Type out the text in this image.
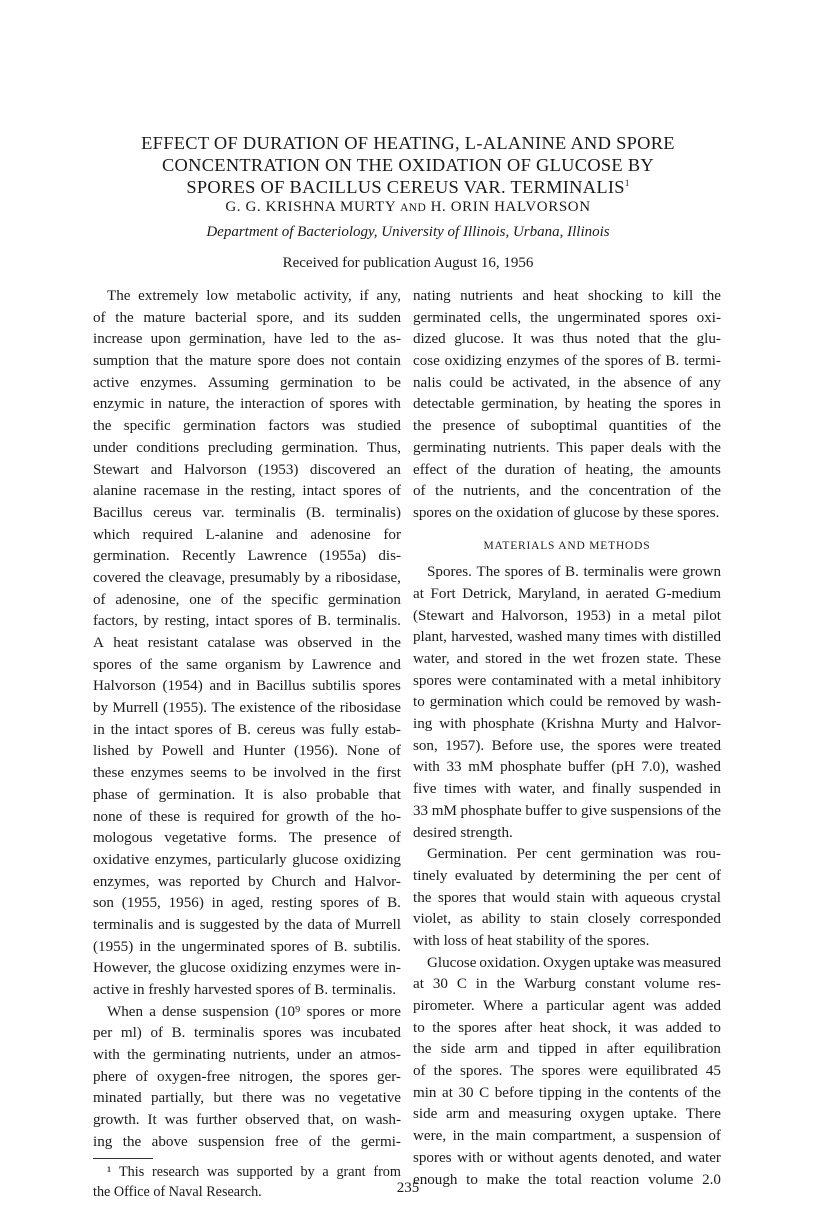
EFFECT OF DURATION OF HEATING, L-ALANINE AND SPORE
CONCENTRATION ON THE OXIDATION OF GLUCOSE BY
SPORES OF BACILLUS CEREUS VAR. TERMINALIS$^1$
G. G. KRISHNA MURTY AND H. ORIN HALVORSON
Department of Bacteriology, University of Illinois, Urbana, Illinois
Received for publication August 16, 1956
The extremely low metabolic activity, if any,
of the mature bacterial spore, and its sudden
increase upon germination, have led to the as-
sumption that the mature spore does not contain
active enzymes. Assuming germination to be
enzymic in nature, the interaction of spores with
the specific germination factors was studied
under conditions precluding germination. Thus,
Stewart and Halvorson (1953) discovered an
alanine racemase in the resting, intact spores of
Bacillus cereus var. terminalis (B. terminalis)
which required L-alanine and adenosine for
germination. Recently Lawrence (1955a) dis-
covered the cleavage, presumably by a ribosidase,
of adenosine, one of the specific germination
factors, by resting, intact spores of B. terminalis.
A heat resistant catalase was observed in the
spores of the same organism by Lawrence and
Halvorson (1954) and in Bacillus subtilis spores
by Murrell (1955). The existence of the ribosidase
in the intact spores of B. cereus was fully estab-
lished by Powell and Hunter (1956). None of
these enzymes seems to be involved in the first
phase of germination. It is also probable that
none of these is required for growth of the ho-
mologous vegetative forms. The presence of
oxidative enzymes, particularly glucose oxidizing
enzymes, was reported by Church and Halvor-
son (1955, 1956) in aged, resting spores of B.
terminalis and is suggested by the data of Murrell
(1955) in the ungerminated spores of B. subtilis.
However, the glucose oxidizing enzymes were in-
active in freshly harvested spores of B. terminalis.
When a dense suspension (10⁹ spores or more
per ml) of B. terminalis spores was incubated
with the germinating nutrients, under an atmos-
phere of oxygen-free nitrogen, the spores ger-
minated partially, but there was no vegetative
growth. It was further observed that, on wash-
ing the above suspension free of the germi-
¹ This research was supported by a grant from
the Office of Naval Research.
nating nutrients and heat shocking to kill the
germinated cells, the ungerminated spores oxi-
dized glucose. It was thus noted that the glu-
cose oxidizing enzymes of the spores of B. termi-
nalis could be activated, in the absence of any
detectable germination, by heating the spores in
the presence of suboptimal quantities of the
germinating nutrients. This paper deals with the
effect of the duration of heating, the amounts
of the nutrients, and the concentration of the
spores on the oxidation of glucose by these spores.
MATERIALS AND METHODS
Spores. The spores of B. terminalis were grown
at Fort Detrick, Maryland, in aerated G-medium
(Stewart and Halvorson, 1953) in a metal pilot
plant, harvested, washed many times with distilled
water, and stored in the wet frozen state. These
spores were contaminated with a metal inhibitory
to germination which could be removed by wash-
ing with phosphate (Krishna Murty and Halvor-
son, 1957). Before use, the spores were treated
with 33 mM phosphate buffer (pH 7.0), washed
five times with water, and finally suspended in
33 mM phosphate buffer to give suspensions of the
desired strength.
Germination. Per cent germination was rou-
tinely evaluated by determining the per cent of
the spores that would stain with aqueous crystal
violet, as ability to stain closely corresponded
with loss of heat stability of the spores.
Glucose oxidation. Oxygen uptake was measured
at 30 C in the Warburg constant volume res-
pirometer. Where a particular agent was added
to the spores after heat shock, it was added to
the side arm and tipped in after equilibration
of the spores. The spores were equilibrated 45
min at 30 C before tipping in the contents of the
side arm and measuring oxygen uptake. There
were, in the main compartment, a suspension of
spores with or without agents denoted, and water
enough to make the total reaction volume 2.0
235
